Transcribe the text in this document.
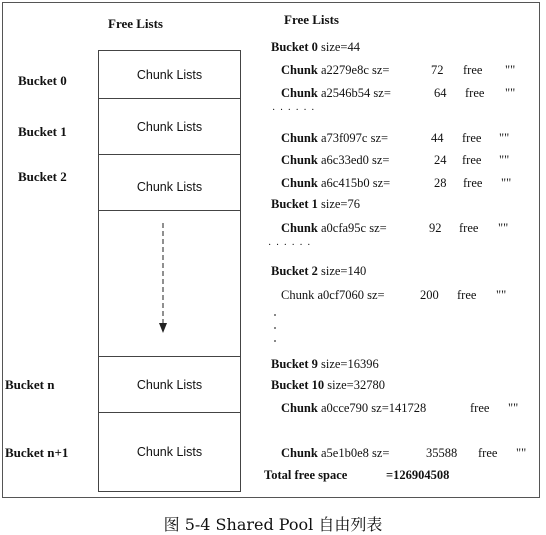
Free Lists
Bucket 0
Bucket 1
Bucket 2
Bucket n
Bucket n+1
Chunk Lists
Chunk Lists
Chunk Lists
Chunk Lists
Chunk Lists
Free Lists
Bucket 0 size=44
Chunk a2279e8c sz=	72 free ""
Chunk a2546b54 sz=	64 free ""
· · · · · ·
Chunk a73f097c sz=	44 free ""
Chunk a6c33ed0 sz=	24 free ""
Chunk a6c415b0 sz=	28 free ""
Bucket 1 size=76
Chunk a0cfa95c sz=	92 free ""
· · · · · ·
Bucket 2 size=140
Chunk a0cf7060 sz=	200 free ""
Bucket 9 size=16396
Bucket 10 size=32780
Chunk a0cce790 sz=141728	free ""
Chunk a5e1b0e8 sz=	35588 free ""
Total free space	=126904508
图 5-4 Shared Pool 自由列表
